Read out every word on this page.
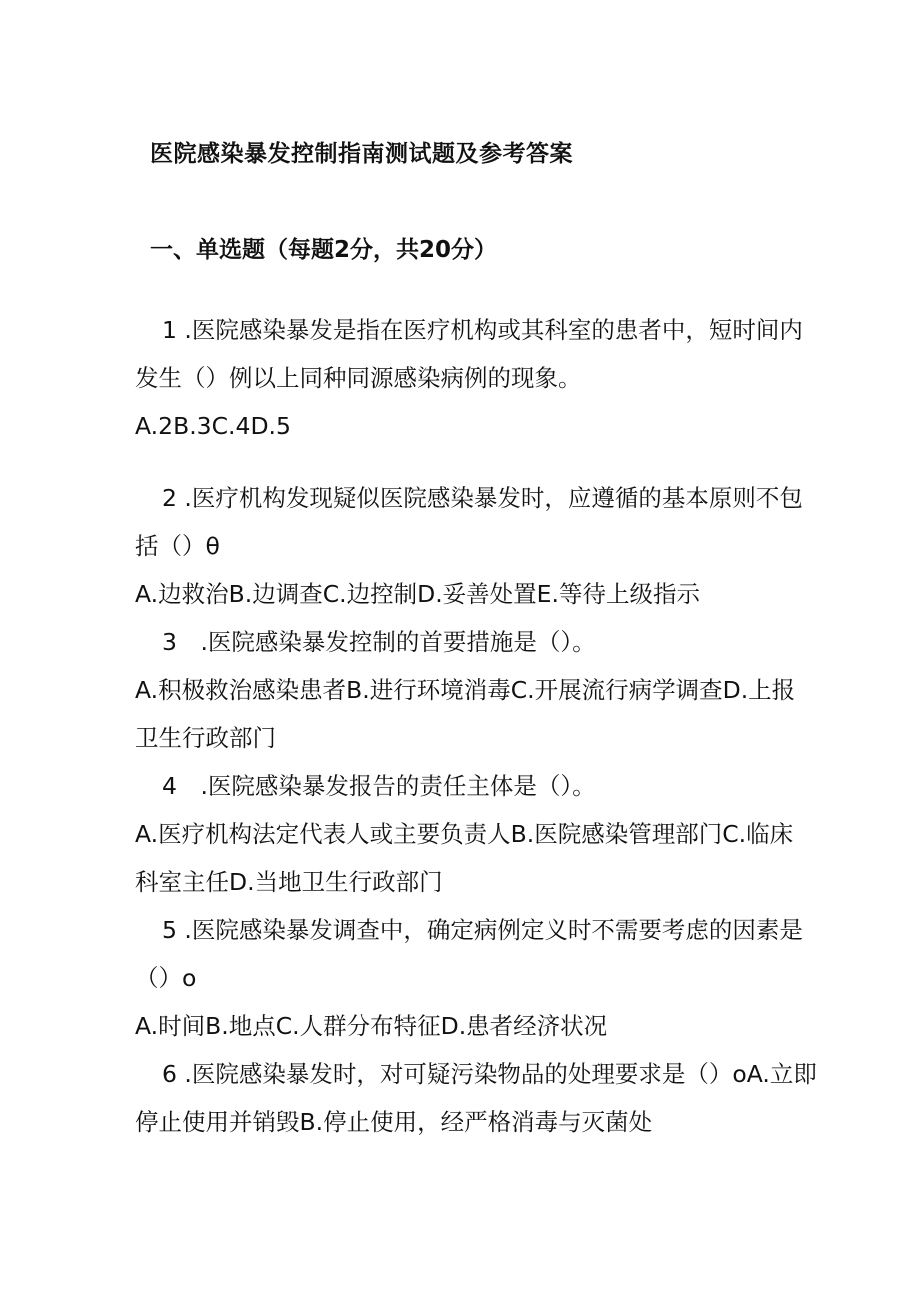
医院感染暴发控制指南测试题及参考答案
一、单选题（每题2分，共20分）
1 .医院感染暴发是指在医疗机构或其科室的患者中，短时间内
发生（）例以上同种同源感染病例的现象。
A.2B.3C.4D.5
2 .医疗机构发现疑似医院感染暴发时，应遵循的基本原则不包
括（）θ
A.边救治B.边调查C.边控制D.妥善处置E.等待上级指示
3　.医院感染暴发控制的首要措施是（）。
A.积极救治感染患者B.进行环境消毒C.开展流行病学调查D.上报
卫生行政部门
4　.医院感染暴发报告的责任主体是（）。
A.医疗机构法定代表人或主要负责人B.医院感染管理部门C.临床
科室主任D.当地卫生行政部门
5 .医院感染暴发调查中，确定病例定义时不需要考虑的因素是
（）o
A.时间B.地点C.人群分布特征D.患者经济状况
6 .医院感染暴发时，对可疑污染物品的处理要求是（）oA.立即
停止使用并销毁B.停止使用，经严格消毒与灭菌处
